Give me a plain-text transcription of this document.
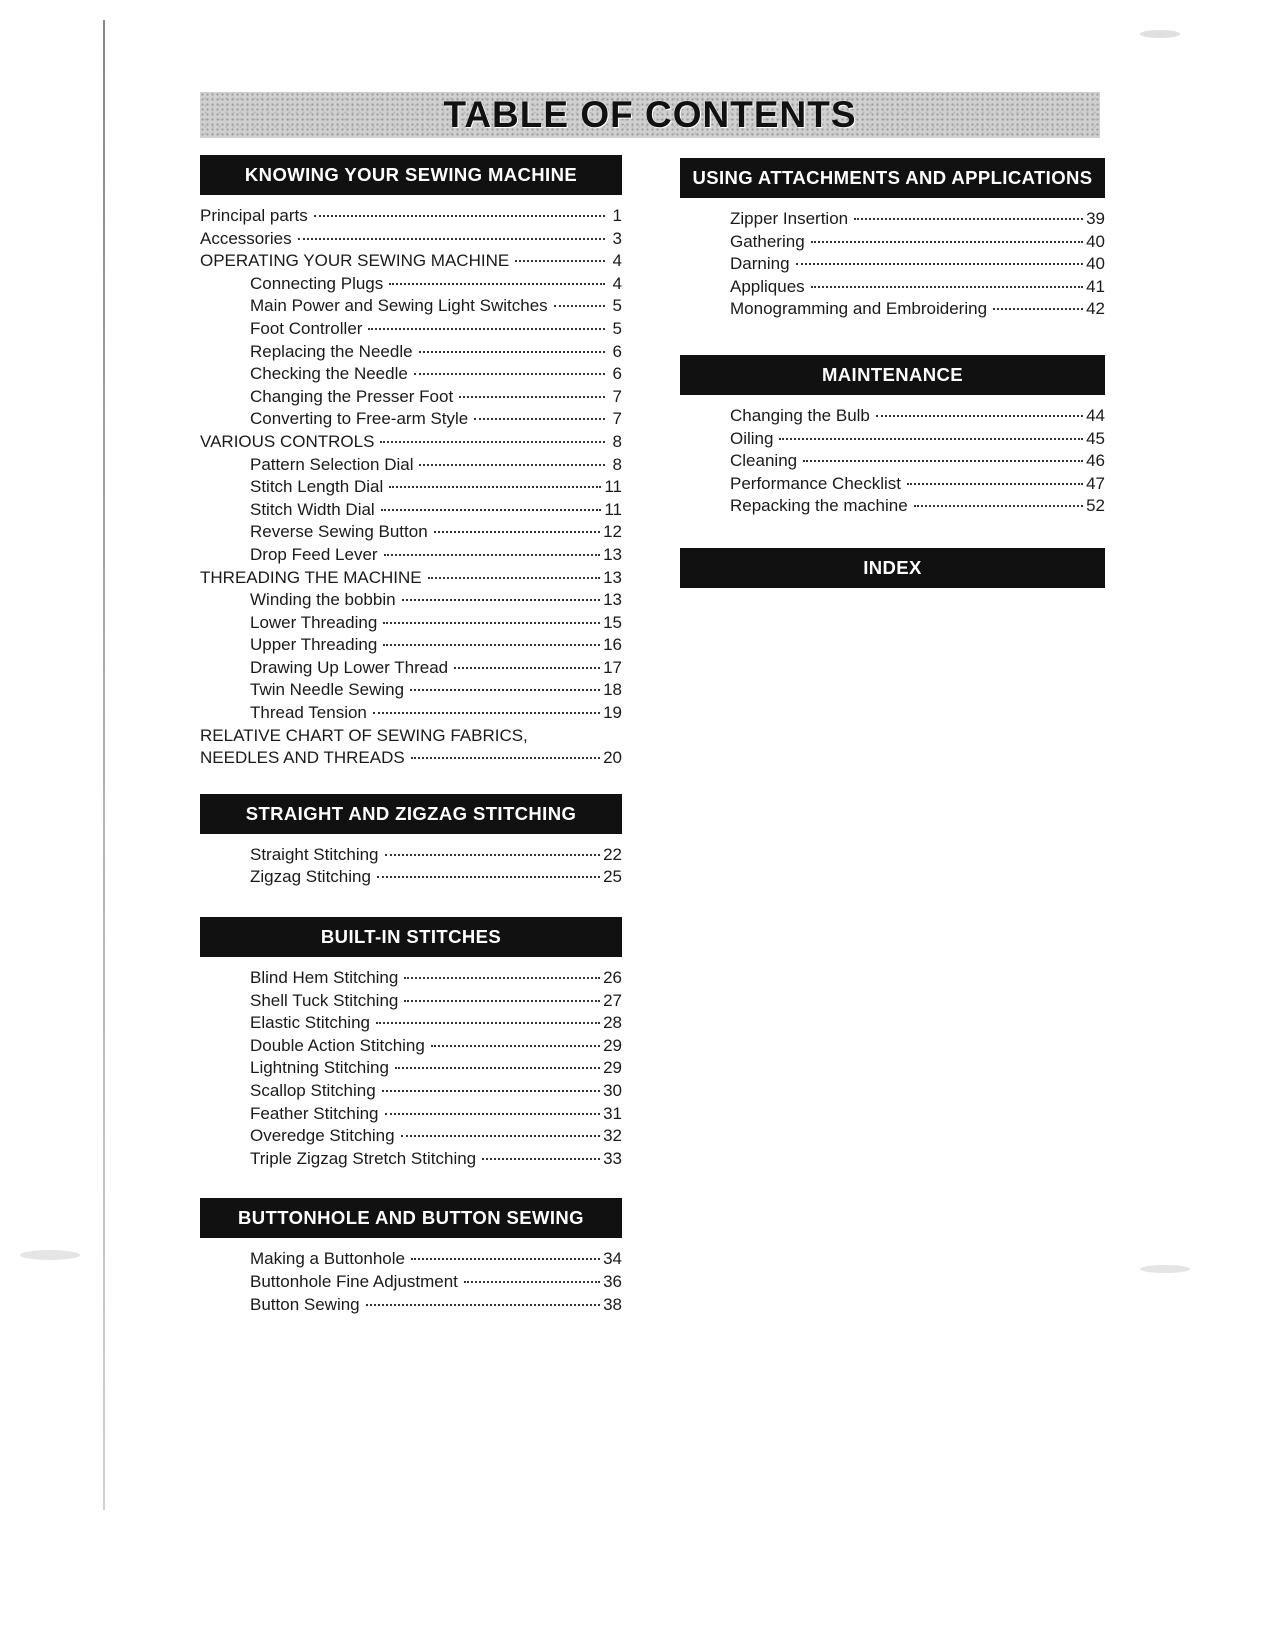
TABLE OF CONTENTS
KNOWING YOUR SEWING MACHINE
Principal parts	1
Accessories	3
OPERATING YOUR SEWING MACHINE	4
Connecting Plugs	4
Main Power and Sewing Light Switches	5
Foot Controller	5
Replacing the Needle	6
Checking the Needle	6
Changing the Presser Foot	7
Converting to Free-arm Style	7
VARIOUS CONTROLS	8
Pattern Selection Dial	8
Stitch Length Dial	11
Stitch Width Dial	11
Reverse Sewing Button	12
Drop Feed Lever	13
THREADING THE MACHINE	13
Winding the bobbin	13
Lower Threading	15
Upper Threading	16
Drawing Up Lower Thread	17
Twin Needle Sewing	18
Thread Tension	19
RELATIVE CHART OF SEWING FABRICS,
NEEDLES AND THREADS	20
STRAIGHT AND ZIGZAG STITCHING
Straight Stitching	22
Zigzag Stitching	25
BUILT-IN STITCHES
Blind Hem Stitching	26
Shell Tuck Stitching	27
Elastic Stitching	28
Double Action Stitching	29
Lightning Stitching	29
Scallop Stitching	30
Feather Stitching	31
Overedge Stitching	32
Triple Zigzag Stretch Stitching	33
BUTTONHOLE AND BUTTON SEWING
Making a Buttonhole	34
Buttonhole Fine Adjustment	36
Button Sewing	38
USING ATTACHMENTS AND APPLICATIONS
Zipper Insertion	39
Gathering	40
Darning	40
Appliques	41
Monogramming and Embroidering	42
MAINTENANCE
Changing the Bulb	44
Oiling	45
Cleaning	46
Performance Checklist	47
Repacking the machine	52
INDEX
